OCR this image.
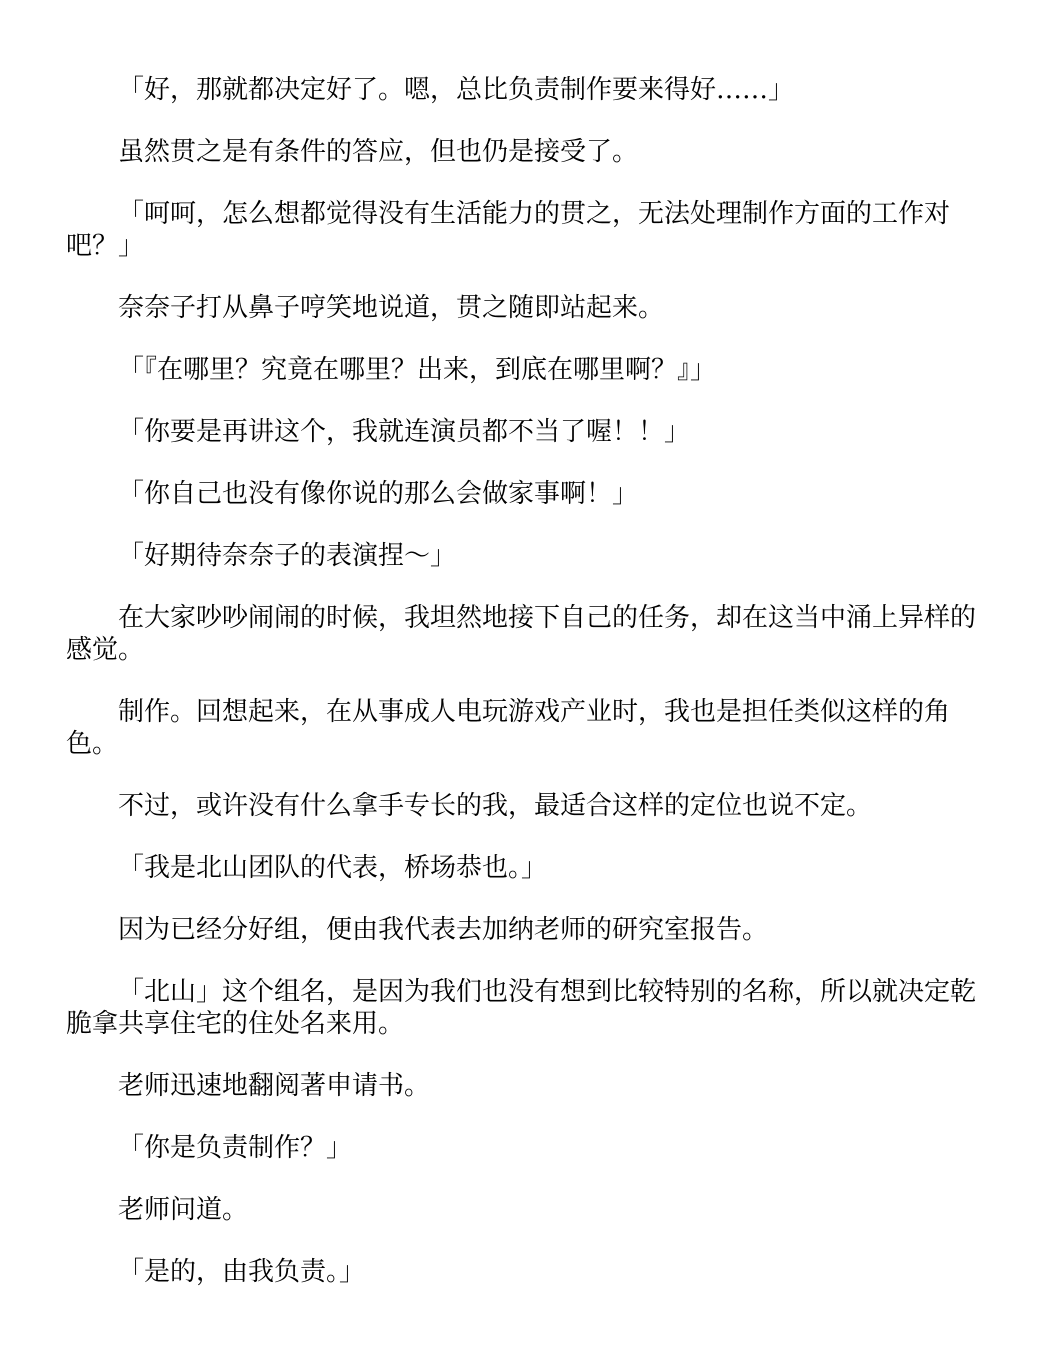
「好，那就都决定好了。嗯，总比负责制作要来得好……」

虽然贯之是有条件的答应，但也仍是接受了。

「呵呵，怎么想都觉得没有生活能力的贯之，无法处理制作方面的工作对吧？」

奈奈子打从鼻子哼笑地说道，贯之随即站起来。

「『在哪里？究竟在哪里？出来，到底在哪里啊？』」

「你要是再讲这个，我就连演员都不当了喔！！」

「你自己也没有像你说的那么会做家事啊！」

「好期待奈奈子的表演捏～」

在大家吵吵闹闹的时候，我坦然地接下自己的任务，却在这当中涌上异样的感觉。

制作。回想起来，在从事成人电玩游戏产业时，我也是担任类似这样的角色。

不过，或许没有什么拿手专长的我，最适合这样的定位也说不定。

「我是北山团队的代表，桥场恭也。」

因为已经分好组，便由我代表去加纳老师的研究室报告。

「北山」这个组名，是因为我们也没有想到比较特别的名称，所以就决定乾脆拿共享住宅的住处名来用。

老师迅速地翻阅著申请书。

「你是负责制作？」

老师问道。

「是的，由我负责。」
